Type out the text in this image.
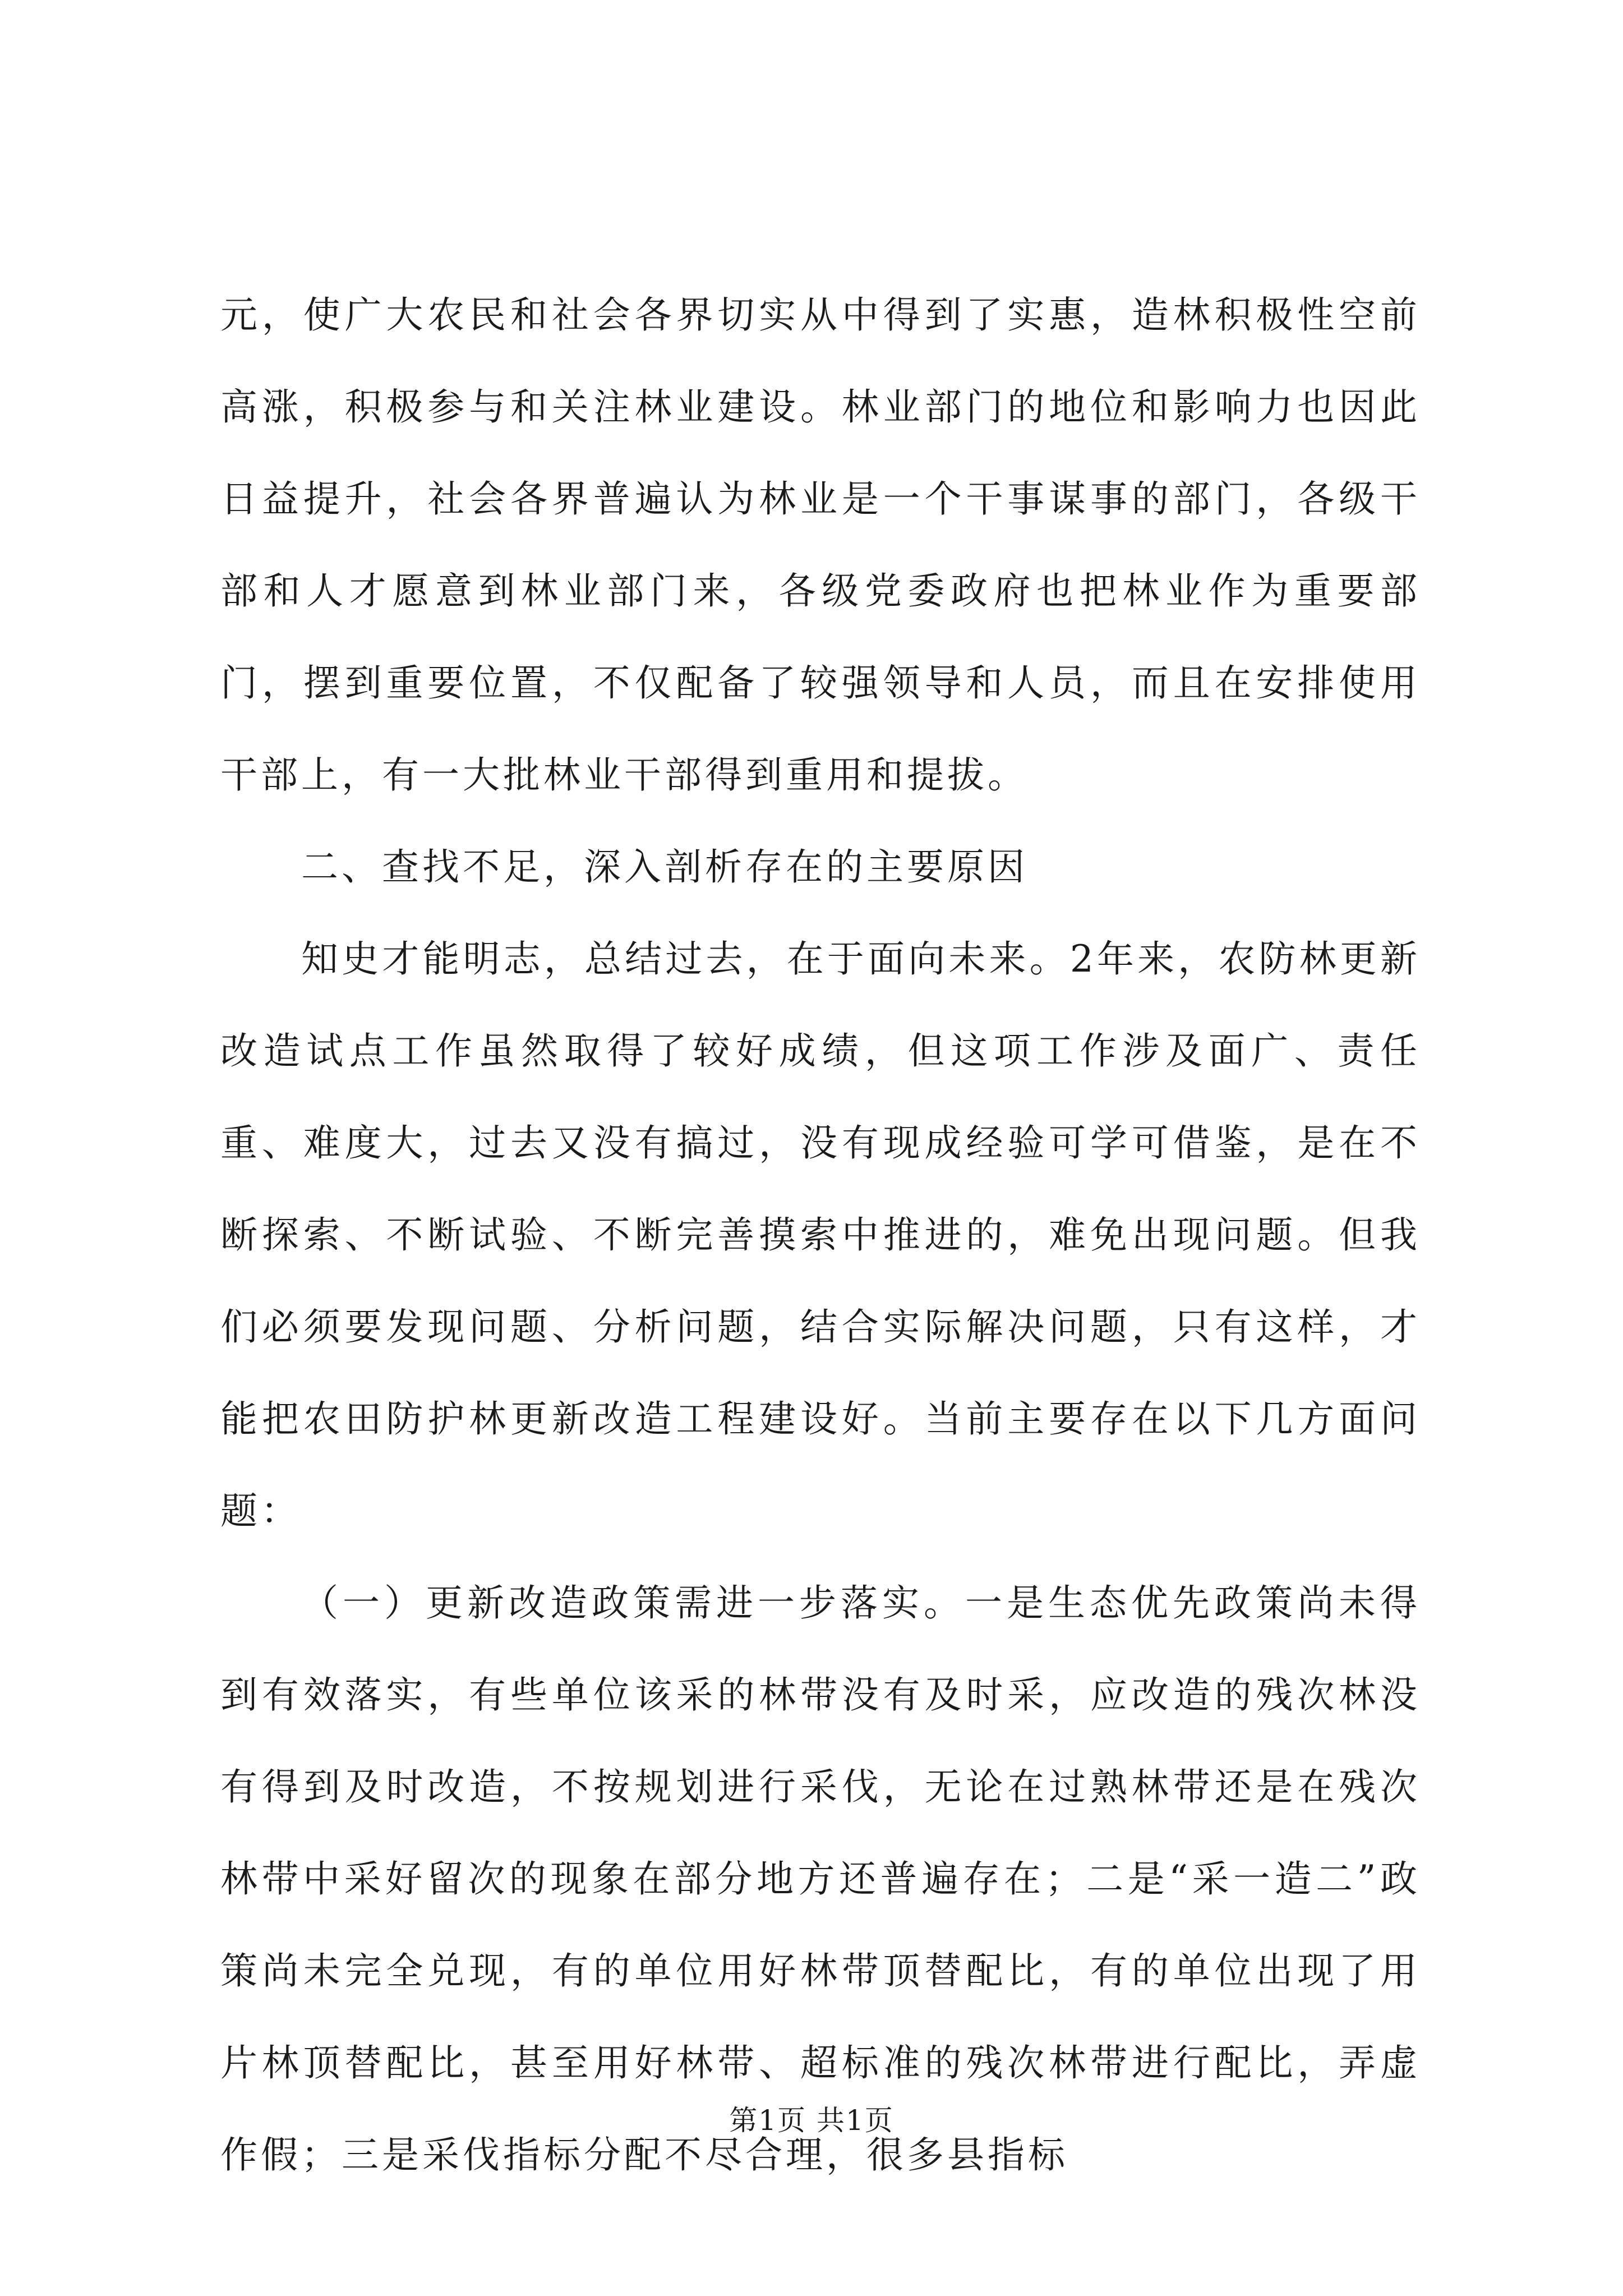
元，使广大农民和社会各界切实从中得到了实惠，造林积极性空前高涨，积极参与和关注林业建设。林业部门的地位和影响力也因此日益提升，社会各界普遍认为林业是一个干事谋事的部门，各级干部和人才愿意到林业部门来，各级党委政府也把林业作为重要部门，摆到重要位置，不仅配备了较强领导和人员，而且在安排使用干部上，有一大批林业干部得到重用和提拔。

二、查找不足，深入剖析存在的主要原因

知史才能明志，总结过去，在于面向未来。2年来，农防林更新改造试点工作虽然取得了较好成绩，但这项工作涉及面广、责任重、难度大，过去又没有搞过，没有现成经验可学可借鉴，是在不断探索、不断试验、不断完善摸索中推进的，难免出现问题。但我们必须要发现问题、分析问题，结合实际解决问题，只有这样，才能把农田防护林更新改造工程建设好。当前主要存在以下几方面问题：

（一）更新改造政策需进一步落实。一是生态优先政策尚未得到有效落实，有些单位该采的林带没有及时采，应改造的残次林没有得到及时改造，不按规划进行采伐，无论在过熟林带还是在残次林带中采好留次的现象在部分地方还普遍存在；二是“采一造二”政策尚未完全兑现，有的单位用好林带顶替配比，有的单位出现了用片林顶替配比，甚至用好林带、超标准的残次林带进行配比，弄虚作假；三是采伐指标分配不尽合理，很多县指标

第1页 共1页
